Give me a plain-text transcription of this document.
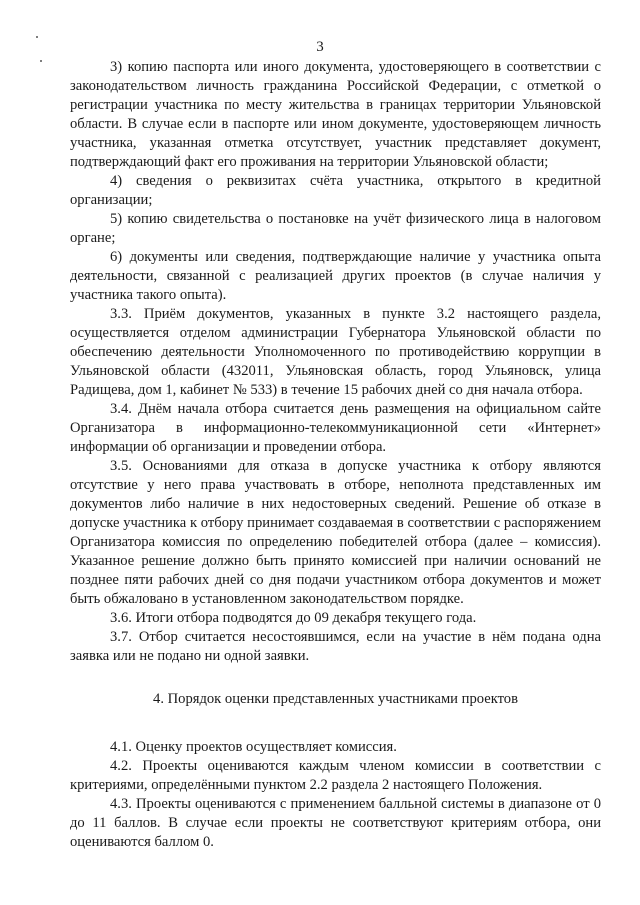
3

3) копию паспорта или иного документа, удостоверяющего в соответствии с законодательством личность гражданина Российской Федерации, с отметкой о регистрации участника по месту жительства в границах территории Ульяновской области. В случае если в паспорте или ином документе, удостоверяющем личность участника, указанная отметка отсутствует, участник представляет документ, подтверждающий факт его проживания на территории Ульяновской области;

4) сведения о реквизитах счёта участника, открытого в кредитной организации;

5) копию свидетельства о постановке на учёт физического лица в налоговом органе;

6) документы или сведения, подтверждающие наличие у участника опыта деятельности, связанной с реализацией других проектов (в случае наличия у участника такого опыта).

3.3. Приём документов, указанных в пункте 3.2 настоящего раздела, осуществляется отделом администрации Губернатора Ульяновской области по обеспечению деятельности Уполномоченного по противодействию коррупции в Ульяновской области (432011, Ульяновская область, город Ульяновск, улица Радищева, дом 1, кабинет № 533) в течение 15 рабочих дней со дня начала отбора.

3.4. Днём начала отбора считается день размещения на официальном сайте Организатора в информационно-телекоммуникационной сети «Интернет» информации об организации и проведении отбора.

3.5. Основаниями для отказа в допуске участника к отбору являются отсутствие у него права участвовать в отборе, неполнота представленных им документов либо наличие в них недостоверных сведений. Решение об отказе в допуске участника к отбору принимает создаваемая в соответствии с распоряжением Организатора комиссия по определению победителей отбора (далее – комиссия). Указанное решение должно быть принято комиссией при наличии оснований не позднее пяти рабочих дней со дня подачи участником отбора документов и может быть обжаловано в установленном законодательством порядке.

3.6. Итоги отбора подводятся до 09 декабря текущего года.

3.7. Отбор считается несостоявшимся, если на участие в нём подана одна заявка или не подано ни одной заявки.

4. Порядок оценки представленных участниками проектов

4.1. Оценку проектов осуществляет комиссия.

4.2. Проекты оцениваются каждым членом комиссии в соответствии с критериями, определёнными пунктом 2.2 раздела 2 настоящего Положения.

4.3. Проекты оцениваются с применением балльной системы в диапазоне от 0 до 11 баллов. В случае если проекты не соответствуют критериям отбора, они оцениваются баллом 0.
